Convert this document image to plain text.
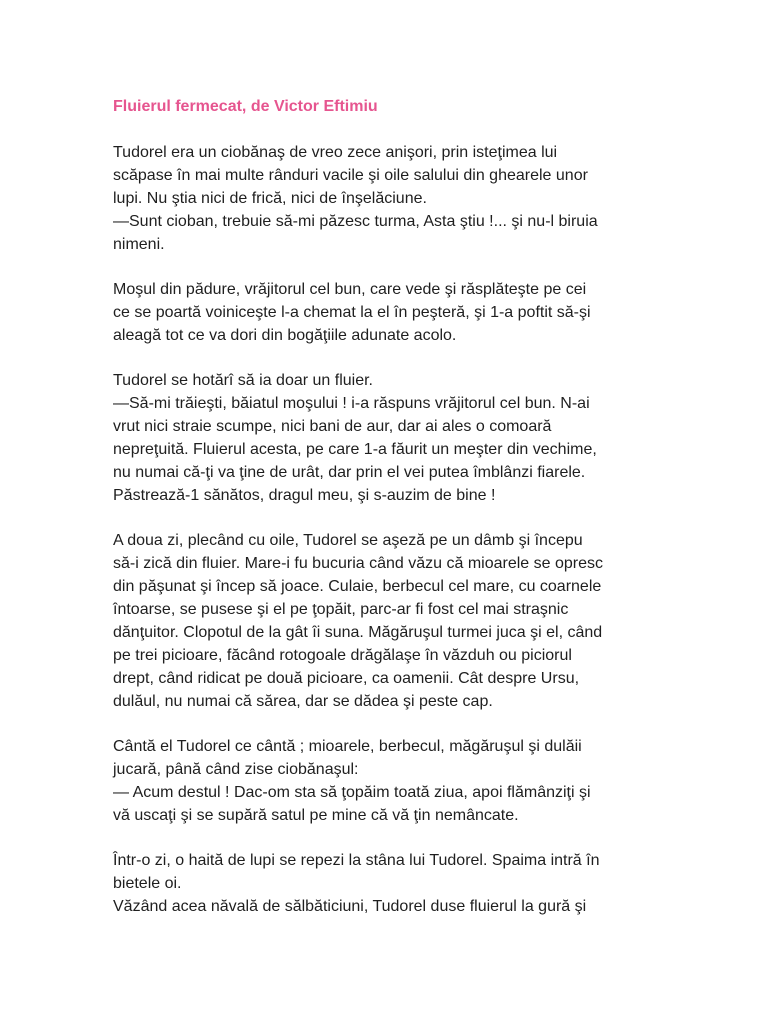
Fluierul fermecat, de Victor Eftimiu
Tudorel era un ciobănaş de vreo zece anişori, prin isteţimea lui
scăpase în mai multe rânduri vacile şi oile salului din ghearele unor
lupi. Nu ştia nici de frică, nici de înşelăciune.
—Sunt cioban, trebuie să-mi păzesc turma, Asta ştiu !... şi nu-l biruia
nimeni.
Moşul din pădure, vrăjitorul cel bun, care vede şi răsplăteşte pe cei
ce se poartă voiniceşte l-a chemat la el în peşteră, şi 1-a poftit să-şi
aleagă tot ce va dori din bogăţiile adunate acolo.
Tudorel se hotărî să ia doar un fluier.
—Să-mi trăieşti, băiatul moşului ! i-a răspuns vrăjitorul cel bun. N-ai
vrut nici straie scumpe, nici bani de aur, dar ai ales o comoară
nepreţuită. Fluierul acesta, pe care 1-a făurit un meşter din vechime,
nu numai că-ţi va ţine de urât, dar prin el vei putea îmblânzi fiarele.
Păstrează-1 sănătos, dragul meu, şi s-auzim de bine !
A doua zi, plecând cu oile, Tudorel se aşeză pe un dâmb şi începu
să-i zică din fluier. Mare-i fu bucuria când văzu că mioarele se opresc
din păşunat şi încep să joace. Culaie, berbecul cel mare, cu coarnele
întoarse, se pusese şi el pe ţopăit, parc-ar fi fost cel mai straşnic
dănţuitor. Clopotul de la gât îi suna. Măgăruşul turmei juca şi el, când
pe trei picioare, făcând rotogoale drăgălaşe în văzduh ou piciorul
drept, când ridicat pe două picioare, ca oamenii. Cât despre Ursu,
dulăul, nu numai că sărea, dar se dădea şi peste cap.
Cântă el Tudorel ce cântă ; mioarele, berbecul, măgăruşul şi dulăii
jucară, până când zise ciobănaşul:
— Acum destul ! Dac-om sta să ţopăim toată ziua, apoi flămânziţi şi
vă uscaţi şi se supără satul pe mine că vă ţin nemâncate.
Într-o zi, o haită de lupi se repezi la stâna lui Tudorel. Spaima intră în
bietele oi.
Văzând acea năvală de sălbăticiuni, Tudorel duse fluierul la gură şi
